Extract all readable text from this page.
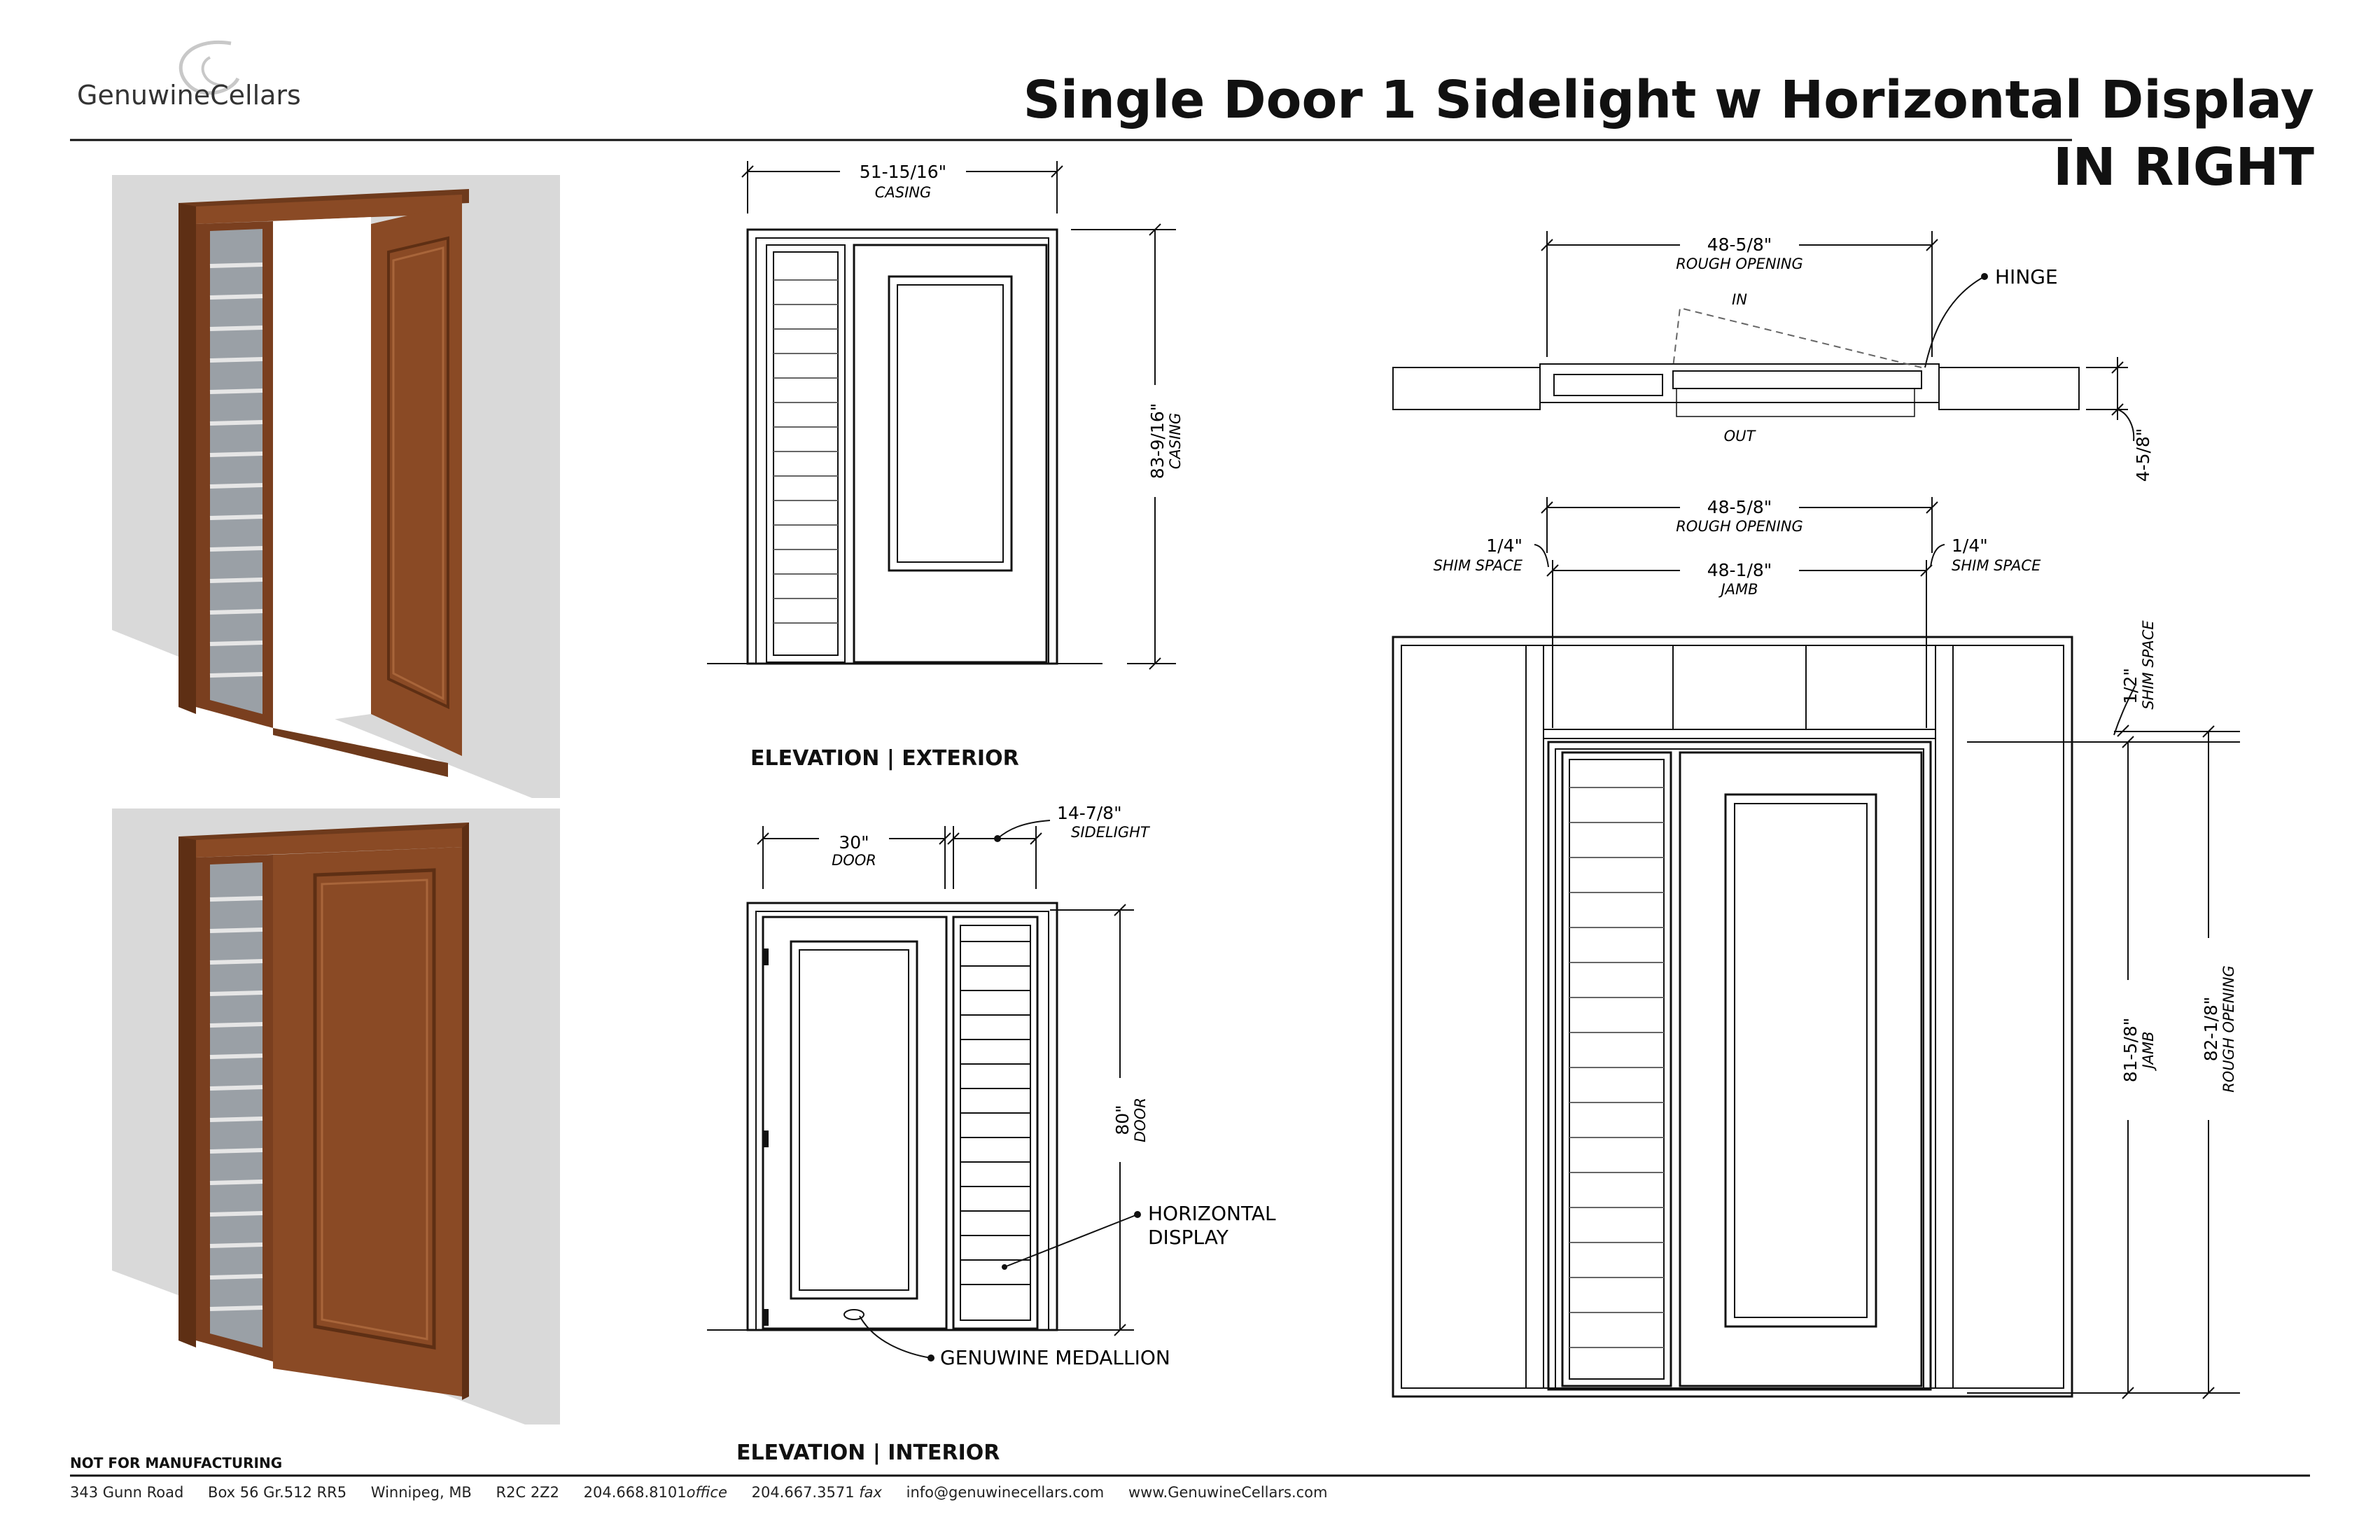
GenuwineCellars	Single Door 1 Sidelight w Horizontal Display
IN RIGHT
51-15/16"
CASING
83-9/16" CASING
ELEVATION | EXTERIOR
30"
DOOR
14-7/8"
SIDELIGHT
80" DOOR
HORIZONTAL
DISPLAY
GENUWINE MEDALLION
ELEVATION | INTERIOR
48-5/8"
ROUGH OPENING
IN
OUT
HINGE
4-5/8"
48-5/8"
ROUGH OPENING
48-1/8"
JAMB
1/4"
SHIM SPACE
1/4"
SHIM SPACE
81-5/8" JAMB	82-1/8" ROUGH OPENING
1/2" SHIM SPACE
NOT FOR MANUFACTURING
343 Gunn Road Box 56 Gr.512 RR5 Winnipeg, MB R2C 2Z2 204.668.8101office 204.667.3571 fax info@genuwinecellars.com www.GenuwineCellars.com
